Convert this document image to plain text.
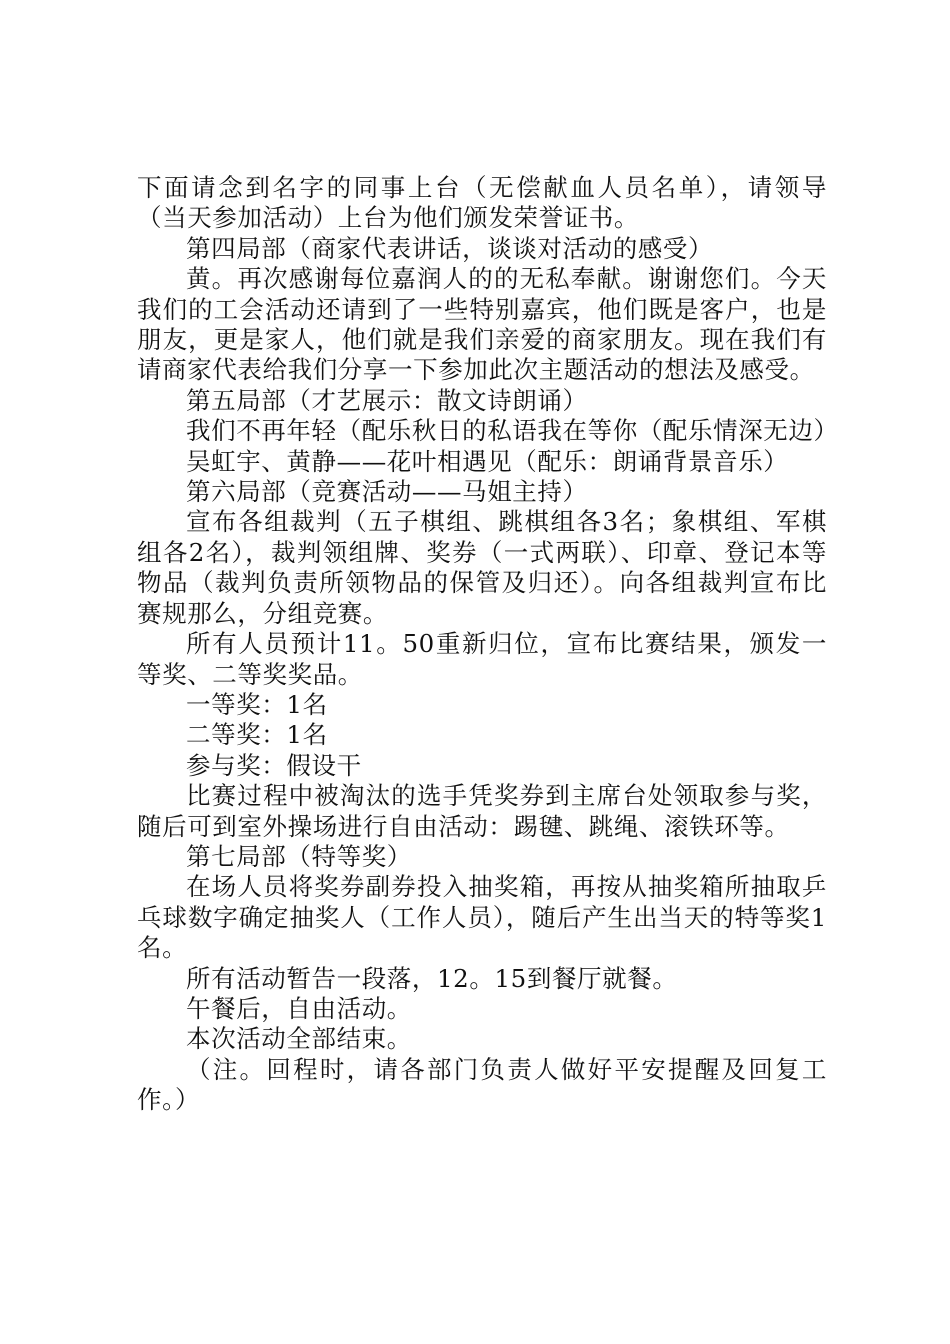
下面请念到名字的同事上台（无偿献血人员名单），请领导（当天参加活动）上台为他们颁发荣誉证书。

第四局部（商家代表讲话，谈谈对活动的感受）

黄。再次感谢每位嘉润人的的无私奉献。谢谢您们。今天我们的工会活动还请到了一些特别嘉宾，他们既是客户，也是朋友，更是家人，他们就是我们亲爱的商家朋友。现在我们有请商家代表给我们分享一下参加此次主题活动的想法及感受。

第五局部（才艺展示：散文诗朗诵）

我们不再年轻（配乐秋日的私语我在等你（配乐情深无边）

吴虹宇、黄静——花叶相遇见（配乐：朗诵背景音乐）

第六局部（竞赛活动——马姐主持）

宣布各组裁判（五子棋组、跳棋组各3名；象棋组、军棋组各2名），裁判领组牌、奖券（一式两联）、印章、登记本等物品（裁判负责所领物品的保管及归还）。向各组裁判宣布比赛规那么，分组竞赛。

所有人员预计11。50重新归位，宣布比赛结果，颁发一等奖、二等奖奖品。

一等奖：1名

二等奖：1名

参与奖：假设干

比赛过程中被淘汰的选手凭奖券到主席台处领取参与奖，随后可到室外操场进行自由活动：踢毽、跳绳、滚铁环等。

第七局部（特等奖）

在场人员将奖券副券投入抽奖箱，再按从抽奖箱所抽取乒乓球数字确定抽奖人（工作人员），随后产生出当天的特等奖1名。

所有活动暂告一段落，12。15到餐厅就餐。

午餐后，自由活动。

本次活动全部结束。

（注。回程时，请各部门负责人做好平安提醒及回复工作。）
